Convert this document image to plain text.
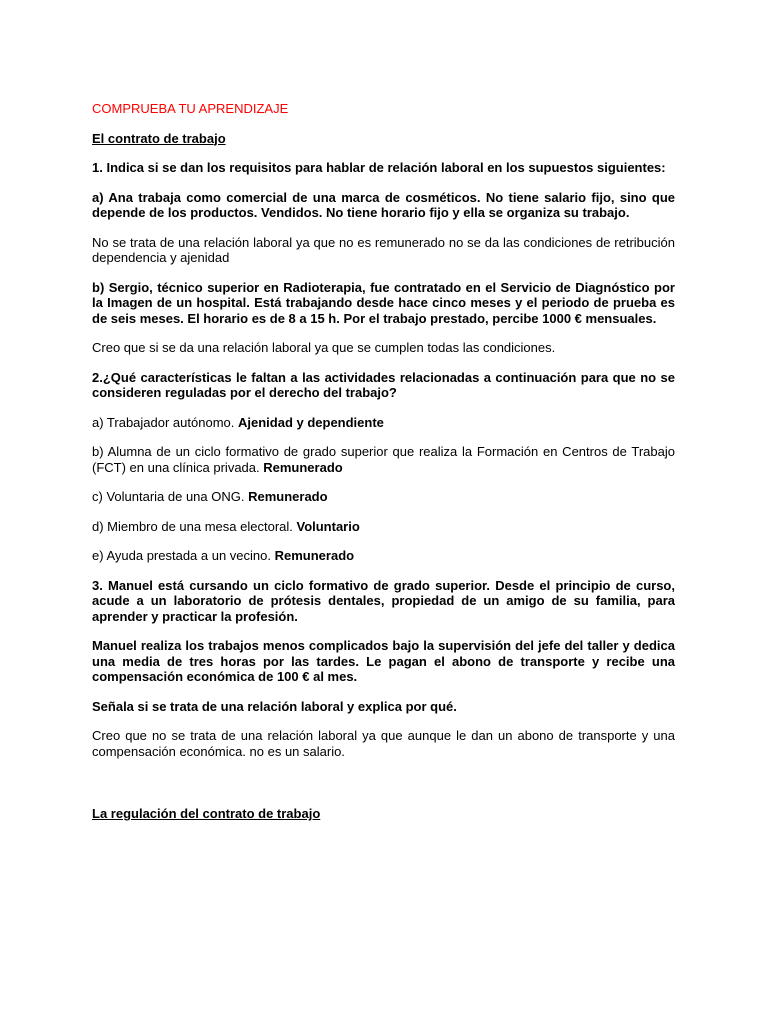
COMPRUEBA TU APRENDIZAJE

El contrato de trabajo

1. Indica si se dan los requisitos para hablar de relación laboral en los supuestos siguientes:

a) Ana trabaja como comercial de una marca de cosméticos. No tiene salario fijo, sino que depende de los productos. Vendidos. No tiene horario fijo y ella se organiza su trabajo.

No se trata de una relación laboral ya que no es remunerado no se da las condiciones de retribución dependencia y ajenidad

b) Sergio, técnico superior en Radioterapia, fue contratado en el Servicio de Diagnóstico por la Imagen de un hospital. Está trabajando desde hace cinco meses y el periodo de prueba es de seis meses. El horario es de 8 a 15 h. Por el trabajo prestado, percibe 1000 € mensuales.

Creo que si se da una relación laboral ya que se cumplen todas las condiciones.

2.¿Qué características le faltan a las actividades relacionadas a continuación para que no se consideren reguladas por el derecho del trabajo?

a) Trabajador autónomo. Ajenidad y dependiente

b) Alumna de un ciclo formativo de grado superior que realiza la Formación en Centros de Trabajo (FCT) en una clínica privada. Remunerado

c) Voluntaria de una ONG. Remunerado

d) Miembro de una mesa electoral. Voluntario

e) Ayuda prestada a un vecino. Remunerado

3. Manuel está cursando un ciclo formativo de grado superior. Desde el principio de curso, acude a un laboratorio de prótesis dentales, propiedad de un amigo de su familia, para aprender y practicar la profesión.

Manuel realiza los trabajos menos complicados bajo la supervisión del jefe del taller y dedica una media de tres horas por las tardes. Le pagan el abono de transporte y recibe una compensación económica de 100 € al mes.

Señala si se trata de una relación laboral y explica por qué.

Creo que no se trata de una relación laboral ya que aunque le dan un abono de transporte y una compensación económica. no es un salario.

La regulación del contrato de trabajo
